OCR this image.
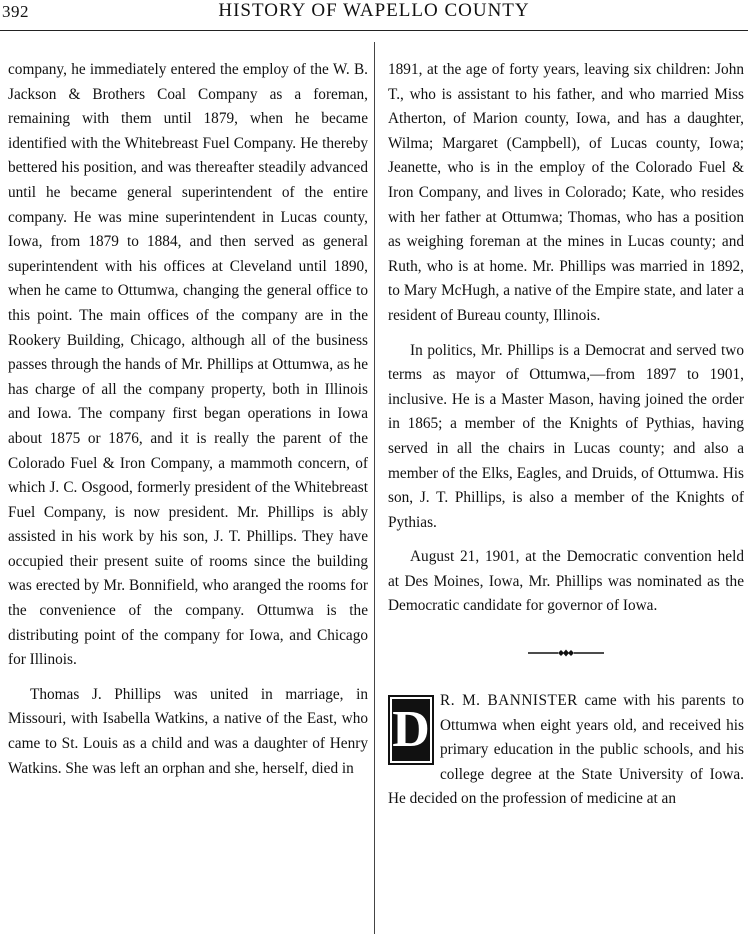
392	HISTORY OF WAPELLO COUNTY

company, he immediately entered the employ of the W. B. Jackson & Brothers Coal Company as a foreman, remaining with them until 1879, when he became identified with the Whitebreast Fuel Company. He thereby bettered his position, and was thereafter steadily advanced until he became general superintendent of the entire company. He was mine superintendent in Lucas county, Iowa, from 1879 to 1884, and then served as general superintendent with his offices at Cleveland until 1890, when he came to Ottumwa, changing the general office to this point. The main offices of the company are in the Rookery Building, Chicago, although all of the business passes through the hands of Mr. Phillips at Ottumwa, as he has charge of all the company property, both in Illinois and Iowa. The company first began operations in Iowa about 1875 or 1876, and it is really the parent of the Colorado Fuel & Iron Company, a mammoth concern, of which J. C. Osgood, formerly president of the Whitebreast Fuel Company, is now president. Mr. Phillips is ably assisted in his work by his son, J. T. Phillips. They have occupied their present suite of rooms since the building was erected by Mr. Bonnifield, who aranged the rooms for the convenience of the company. Ottumwa is the distributing point of the company for Iowa, and Chicago for Illinois.

Thomas J. Phillips was united in marriage, in Missouri, with Isabella Watkins, a native of the East, who came to St. Louis as a child and was a daughter of Henry Watkins. She was left an orphan and she, herself, died in

1891, at the age of forty years, leaving six children: John T., who is assistant to his father, and who married Miss Atherton, of Marion county, Iowa, and has a daughter, Wilma; Margaret (Campbell), of Lucas county, Iowa; Jeanette, who is in the employ of the Colorado Fuel & Iron Company, and lives in Colorado; Kate, who resides with her father at Ottumwa; Thomas, who has a position as weighing foreman at the mines in Lucas county; and Ruth, who is at home. Mr. Phillips was married in 1892, to Mary McHugh, a native of the Empire state, and later a resident of Bureau county, Illinois.

In politics, Mr. Phillips is a Democrat and served two terms as mayor of Ottumwa,—from 1897 to 1901, inclusive. He is a Master Mason, having joined the order in 1865; a member of the Knights of Pythias, having served in all the chairs in Lucas county; and also a member of the Elks, Eagles, and Druids, of Ottumwa. His son, J. T. Phillips, is also a member of the Knights of Pythias.

August 21, 1901, at the Democratic convention held at Des Moines, Iowa, Mr. Phillips was nominated as the Democratic candidate for governor of Iowa.

D
R. M. BANNISTER came with his parents to Ottumwa when eight years old, and received his primary education in the public schools, and his college degree at the State University of Iowa. He decided on the profession of medicine at an
